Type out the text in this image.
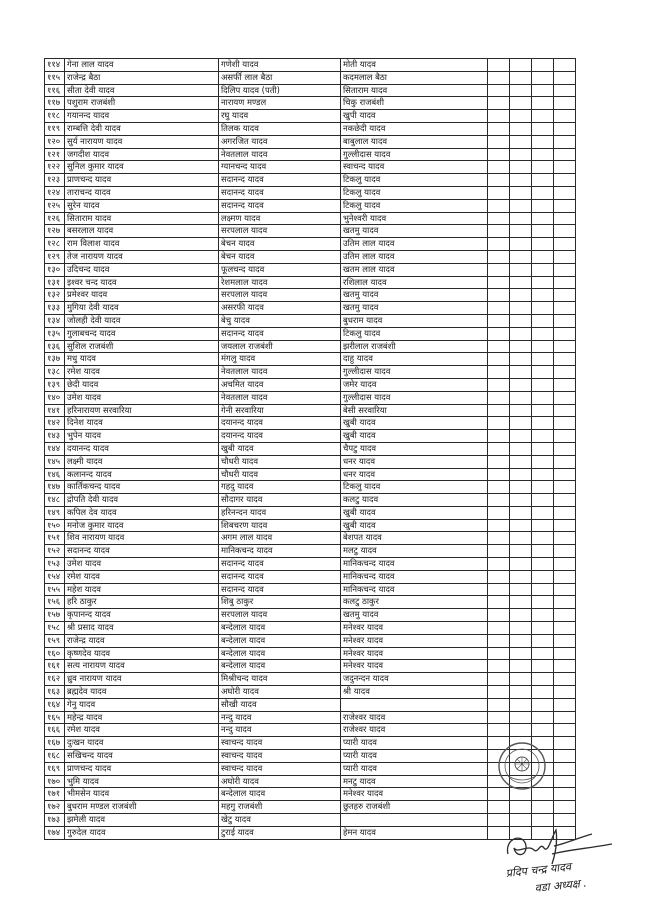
११४	गेना लाल यादव	गणेशी यादव	मोती यादव				
११५	राजेन्द्र बैठा	असर्फी लाल बैठा	कदमलाल बैठा				
११६	सीता देवी यादव	दिलिप यादव (पती)	सिताराम यादव				
११७	पशुराम राजबंशी	नारायण मण्डल	चिकु राजबंशी				
११८	गयानन्द यादव	रघु यादव	खुपी यादव				
११९	राम्बत्ति देवी यादव	तिलक यादव	नकछेदी यादव				
१२०	सुर्य नारायण यादव	अगरजित यादव	बाबुलाल यादव				
१२१	जगदीश यादव	नेवतलाल यादव	गुल्लीदास यादव				
१२२	सुनिल कुमार यादव	ग्यानचन्द यादव	स्वाचन्द यादव				
१२३	प्राणचन्द यादव	सदानन्द यादव	टिकलु यादव				
१२४	ताराचन्द यादव	सदानन्द यादव	टिकलु यादव				
१२५	सुरेन यादव	सदानन्द यादव	टिकलु यादव				
१२६	सिताराम यादव	लक्ष्मण यादव	भुनेश्वरी यादव				
१२७	बसरलाल यादव	सरपलाल यादव	खतमु यादव				
१२८	राम विलाश यादव	बेचन यादव	उतिम लाल यादव				
१२९	तेज नारायण यादव	बेचन यादव	उतिम लाल यादव				
१३०	उदिचन्द यादव	फूलचन्द यादव	खतम लाल यादव				
१३१	इश्वर चन्द यादव	रेशमलाल यादव	रशिलाल यादव				
१३२	प्रमेश्वर यादव	सरपलाल यादव	खतमु यादव				
१३३	मुगिया देवी यादव	असरफी यादव	खतमु यादव				
१३४	जोलही देवी यादव	बेचु यादव	बुधराम यादव				
१३५	गुलाबचन्द यादव	सदानन्द यादव	टिकलु यादव				
१३६	सुशिल राजबंशी	जयलाल राजबंशी	झरीलाल राजबंशी				
१३७	मधु यादव	मंगलु यादव	दाहु यादव				
१३८	रमेश यादव	नेवतलाल यादव	गुल्लीदास यादव				
१३९	छेदी यादव	अचमित यादव	जमेर यादव				
१४०	उमेश यादव	नेवतलाल यादव	गुल्लीदास यादव				
१४१	हरिनारायण सरवारिया	गेनी सरवारिया	बेसी सरवारिया				
१४२	दिनेश यादव	दयानन्द यादव	खुबी यादव				
१४३	भुपेन यादव	दयानन्द यादव	खुबी यादव				
१४४	दयानन्द यादव	खुबी यादव	चैपटु यादव				
१४५	लक्ष्मी यादव	चौधरी यादव	धनर यादव				
१४६	कलानन्द यादव	चौधरी यादव	धनर यादव				
१४७	कार्तिकचन्द यादव	गहदु यादव	टिकलु यादव				
१४८	द्रोपति देवी यादव	सौदागर यादव	कलटु यादव				
१४९	कपिल देव यादव	हरिनन्दन यादव	खुबी यादव				
१५०	मनोज कुमार यादव	शिबचरण यादव	खुबी यादव				
१५१	शिव नारायण यादव	अगम लाल यादव	बेशपत यादव				
१५२	सदानन्द यादव	मानिकचन्द यादव	मलटु यादव				
१५३	उमेश यादव	सदानन्द यादव	मानिकचन्द यादव				
१५४	रमेश यादव	सदानन्द यादव	मानिकचन्द यादव				
१५५	महेश यादव	सदानन्द यादव	मानिकचन्द यादव				
१५६	हरि ठाकुर	शिबु ठाकुर	कलटु ठाकुर				
१५७	कृपानन्द यादव	सरपलाल यादव	खतमु यादव				
१५८	श्री प्रसाद यादव	बन्देलाल यादव	मनेश्वर यादव				
१५९	राजेन्द्र यादव	बन्देलाल यादव	मनेश्वर यादव				
१६०	कृष्णदेव यादव	बन्देलाल यादव	मनेश्वर यादव				
१६१	सत्य नारायण यादव	बन्देलाल यादव	मनेश्वर यादव				
१६२	ध्रुव नारायण यादव	मिश्रीचन्द यादव	जदुनन्दन यादव				
१६३	ब्रह्मदेव यादव	अघोरी यादव	श्री यादव				
१६४	गेनु यादव	सौखी यादव					
१६५	महेन्द्र यादव	नन्दु यादव	राजेश्वर यादव				
१६६	रमेश यादव	नन्दु यादव	राजेश्वर यादव				
१६७	दुःखन यादव	स्वाचन्द यादव	प्यारी यादव				
१६८	सखिचन्द यादव	स्वाचन्द यादव	प्यारी यादव				
१६९	प्राणचन्द यादव	स्वाचन्द यादव	प्यारी यादव				
१७०	भुमि यादव	अघोरी यादव	मनटु यादव				
१७१	भीमसेन यादव	बन्देलाल यादव	मनेश्वर यादव				
१७२	बुधराम मण्डल राजबंशी	महगु राजबंशी	छुतहरु राजबंशी				
१७३	झमेली यादव	खेटु यादव					
१७४	गुरुदेल यादव	टुराई यादव	हेमन यादव				
प्रदिप चन्द्र यादव
वडा अध्यक्ष .
